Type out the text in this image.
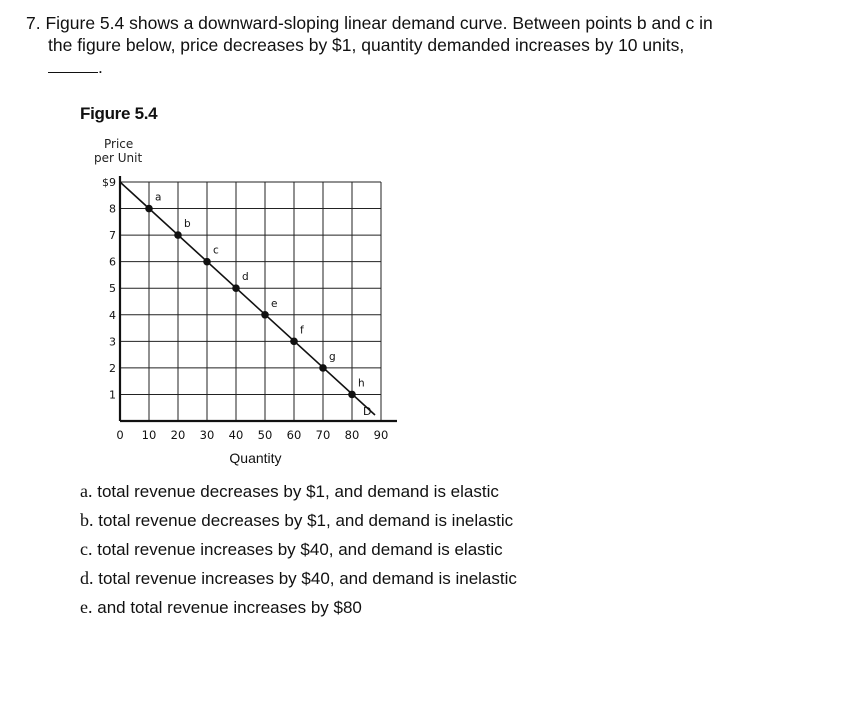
7. Figure 5.4 shows a downward-sloping linear demand curve. Between points b and c in
the figure below, price decreases by $1, quantity demanded increases by 10 units,
.
Figure 5.4
Price
per Unit
$9
8
7
6
5
4
3
2
1
0 10 20 30 40 50 60 70 80 90
Quantity
a
b
c
d
e
f
g
h
D
a. total revenue decreases by $1, and demand is elastic
b. total revenue decreases by $1, and demand is inelastic
c. total revenue increases by $40, and demand is elastic
d. total revenue increases by $40, and demand is inelastic
e. and total revenue increases by $80
